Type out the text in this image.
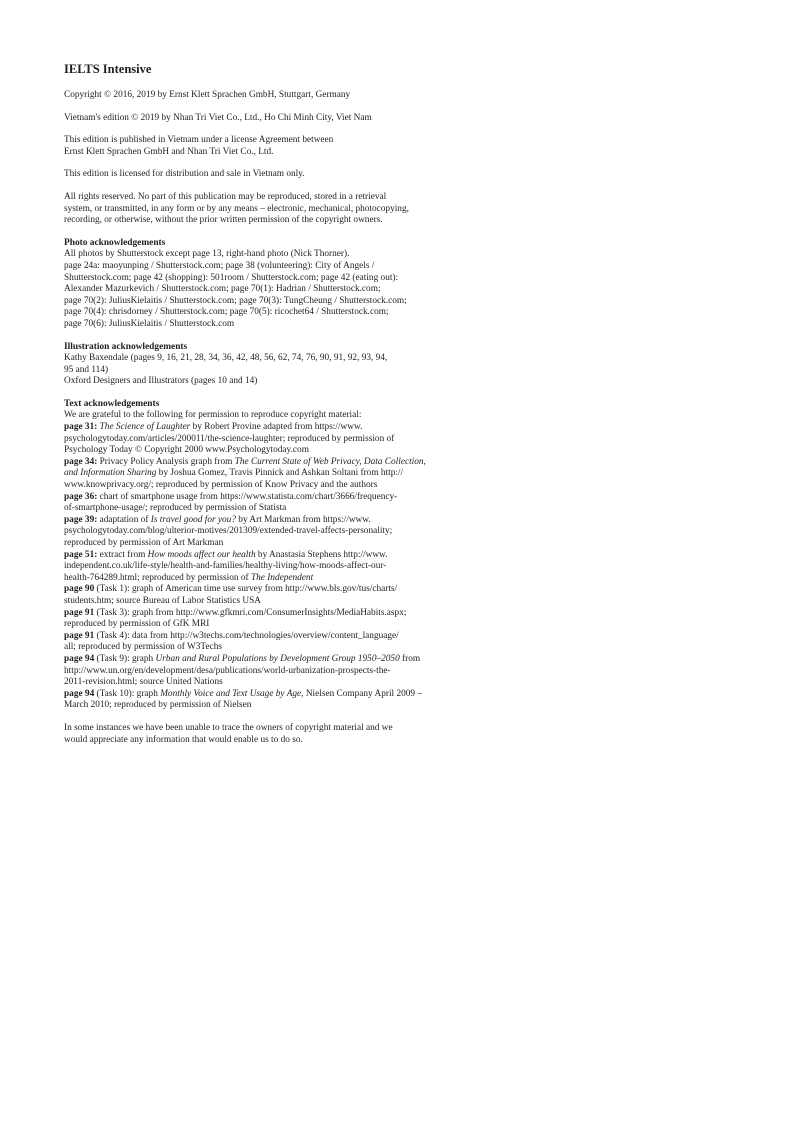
IELTS Intensive

Copyright © 2016, 2019 by Ernst Klett Sprachen GmbH, Stuttgart, Germany

Vietnam's edition © 2019 by Nhan Tri Viet Co., Ltd., Ho Chi Minh City, Viet Nam

This edition is published in Vietnam under a license Agreement between
Ernst Klett Sprachen GmbH and Nhan Tri Viet Co., Ltd.

This edition is licensed for distribution and sale in Vietnam only.

All rights reserved. No part of this publication may be reproduced, stored in a retrieval
system, or transmitted, in any form or by any means – electronic, mechanical, photocopying,
recording, or otherwise, without the prior written permission of the copyright owners.

Photo acknowledgements

All photos by Shutterstock except page 13, right-hand photo (Nick Thorner).
page 24a: maoyunping / Shutterstock.com; page 38 (volunteering): City of Angels /
Shutterstock.com; page 42 (shopping): 501room / Shutterstock.com; page 42 (eating out):
Alexander Mazurkevich / Shutterstock.com; page 70(1): Hadrian / Shutterstock.com;
page 70(2): JuliusKielaitis / Shutterstock.com; page 70(3): TungCheung / Shutterstock.com;
page 70(4): chrisdorney / Shutterstock.com; page 70(5): ricochet64 / Shutterstock.com;
page 70(6): JuliusKielaitis / Shutterstock.com

Illustration acknowledgements

Kathy Baxendale (pages 9, 16, 21, 28, 34, 36, 42, 48, 56, 62, 74, 76, 90, 91, 92, 93, 94,
95 and 114)
Oxford Designers and Illustrators (pages 10 and 14)

Text acknowledgements

We are grateful to the following for permission to reproduce copyright material:

page 31: The Science of Laughter by Robert Provine adapted from https://www.
psychologytoday.com/articles/200011/the-science-laughter; reproduced by permission of
Psychology Today © Copyright 2000 www.Psychologytoday.com

page 34: Privacy Policy Analysis graph from The Current State of Web Privacy, Data Collection,
and Information Sharing by Joshua Gomez, Travis Pinnick and Ashkan Soltani from http://
www.knowprivacy.org/; reproduced by permission of Know Privacy and the authors

page 36: chart of smartphone usage from https://www.statista.com/chart/3666/frequency-
of-smartphone-usage/; reproduced by permission of Statista

page 39: adaptation of Is travel good for you? by Art Markman from https://www.
psychologytoday.com/blog/ulterior-motives/201309/extended-travel-affects-personality;
reproduced by permission of Art Markman

page 51: extract from How moods affect our health by Anastasia Stephens http://www.
independent.co.uk/life-style/health-and-families/healthy-living/how-moods-affect-our-
health-764289.html; reproduced by permission of The Independent

page 90 (Task 1): graph of American time use survey from http://www.bls.gov/tus/charts/
students.htm; source Bureau of Labor Statistics USA

page 91 (Task 3): graph from http://www.gfkmri.com/ConsumerInsights/MediaHabits.aspx;
reproduced by permission of GfK MRI

page 91 (Task 4): data from http://w3techs.com/technologies/overview/content_language/
all; reproduced by permission of W3Techs

page 94 (Task 9): graph Urban and Rural Populations by Development Group 1950–2050 from
http://www.un.org/en/development/desa/publications/world-urbanization-prospects-the-
2011-revision.html; source United Nations

page 94 (Task 10): graph Monthly Voice and Text Usage by Age, Nielsen Company April 2009 –
March 2010; reproduced by permission of Nielsen

In some instances we have been unable to trace the owners of copyright material and we
would appreciate any information that would enable us to do so.
